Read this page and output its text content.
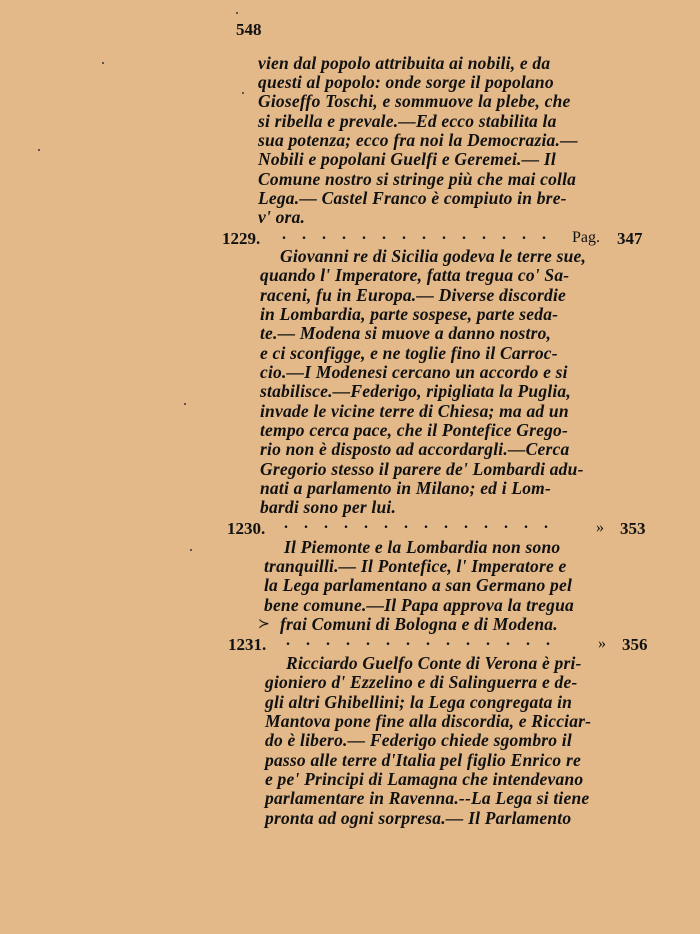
548
vien dal popolo attribuita ai nobili, e da
questi al popolo: onde sorge il popolano
Gioseffo Toschi, e sommuove la plebe, che
si ribella e prevale.—Ed ecco stabilita la
sua potenza; ecco fra noi la Democrazia.—
Nobili e popolani Guelfi e Geremei.— Il
Comune nostro si stringe più che mai colla
Lega.— Castel Franco è compiuto in bre-
v' ora.
1229. . . . . . . . . . . . . . . Pag. 347
Giovanni re di Sicilia godeva le terre sue,
quando l' Imperatore, fatta tregua co' Sa-
raceni, fu in Europa.— Diverse discordie
in Lombardia, parte sospese, parte seda-
te.— Modena si muove a danno nostro,
e ci sconfigge, e ne toglie fino il Carroc-
cio.—I Modenesi cercano un accordo e si
stabilisce.—Federigo, ripigliata la Puglia,
invade le vicine terre di Chiesa; ma ad un
tempo cerca pace, che il Pontefice Grego-
rio non è disposto ad accordargli.—Cerca
Gregorio stesso il parere de' Lombardi adu-
nati a parlamento in Milano; ed i Lom-
bardi sono per lui.
1230. . . . . . . . . . . . . . .	» 353
Il Piemonte e la Lombardia non sono
tranquilli.— Il Pontefice, l' Imperatore e
la Lega parlamentano a san Germano pel
bene comune.—Il Papa approva la tregua
≻ frai Comuni di Bologna e di Modena.
1231. . . . . . . . . . . . . . .	» 356
Ricciardo Guelfo Conte di Verona è pri-
gioniero d' Ezzelino e di Salinguerra e de-
gli altri Ghibellini; la Lega congregata in
Mantova pone fine alla discordia, e Ricciar-
do è libero.— Federigo chiede sgombro il
passo alle terre d'Italia pel figlio Enrico re
e pe' Principi di Lamagna che intendevano
parlamentare in Ravenna.--La Lega si tiene
pronta ad ogni sorpresa.— Il Parlamento
